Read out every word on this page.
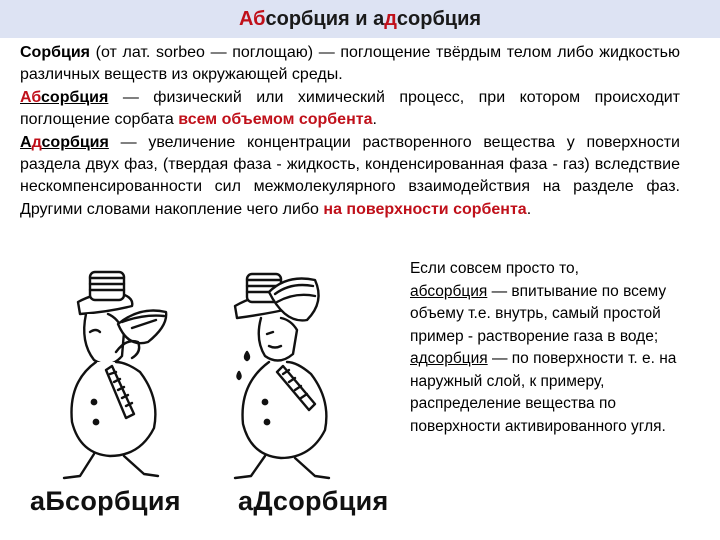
Аб сорбция и а д сорбция

Сорбция (от лат. sorbeo — поглощаю) — поглощение твёрдым телом либо жидкостью различных веществ из окружающей среды.

Абсорбция — физический или химический процесс, при котором происходит поглощение сорбата всем объемом сорбента.

Адсорбция — увеличение концентрации растворенного вещества у поверхности раздела двух фаз, (твердая фаза - жидкость, конденсированная фаза - газ) вследствие нескомпенсированности сил межмолекулярного взаимодействия на разделе фаз. Другими словами накопление чего либо на поверхности сорбента.

Если совсем просто то,

абсорбция — впитывание по всему объему т.е. внутрь, самый простой пример - растворение газа в воде;

адсорбция — по поверхности т. е. на наружный слой, к примеру, распределение вещества по поверхности активированного угля.

аБсорбция аДсорбция
